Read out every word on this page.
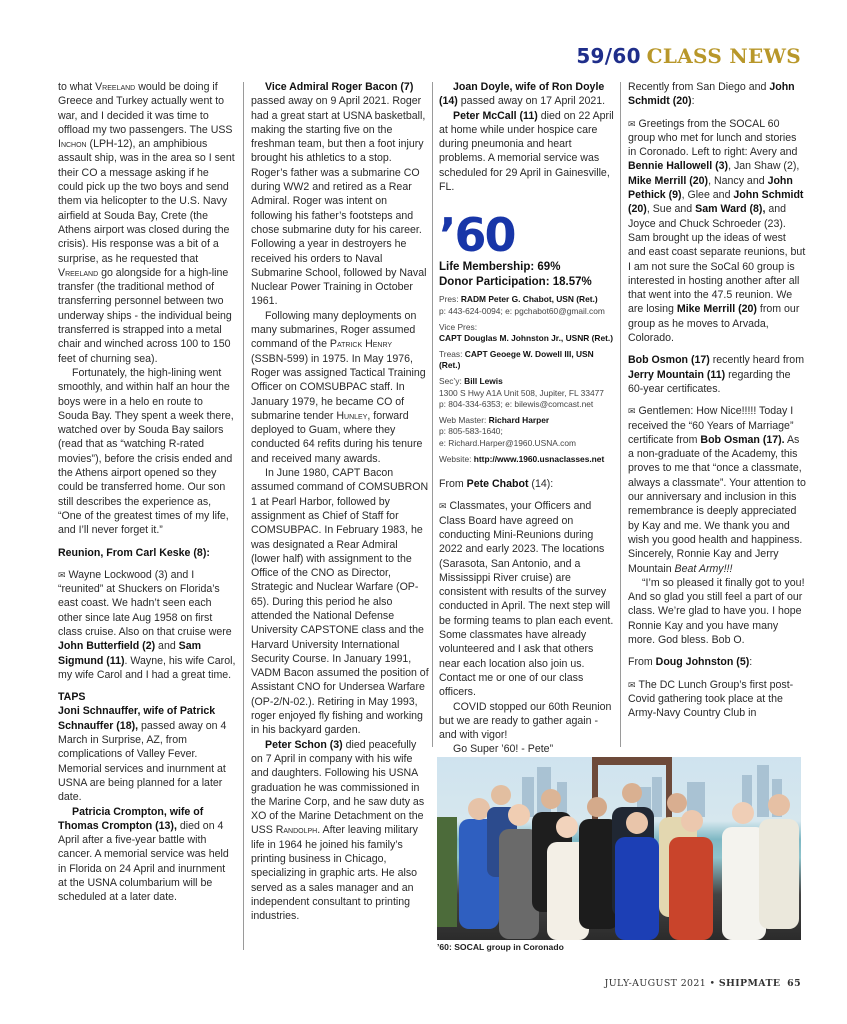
59/60 CLASS NEWS

to what Vreeland would be doing if Greece and Turkey actually went to war, and I decided it was time to offload my two passengers. The USS Inchon (LPH-12), an amphibious assault ship, was in the area so I sent their CO a message asking if he could pick up the two boys and send them via helicopter to the U.S. Navy airfield at Souda Bay, Crete (the Athens airport was closed during the crisis). His response was a bit of a surprise, as he requested that Vreeland go alongside for a high-line transfer (the traditional method of transferring personnel between two underway ships - the individual being transferred is strapped into a metal chair and winched across 100 to 150 feet of churning sea).

Fortunately, the high-lining went smoothly, and within half an hour the boys were in a helo en route to Souda Bay. They spent a week there, watched over by Souda Bay sailors (read that as “watching R-rated movies”), before the crisis ended and the Athens airport opened so they could be transferred home. Our son still describes the experience as, “One of the greatest times of my life, and I’ll never forget it.”

Reunion, From Carl Keske (8):

✉ Wayne Lockwood (3) and I “reunited” at Shuckers on Florida’s east coast. We hadn’t seen each other since late Aug 1958 on first class cruise. Also on that cruise were John Butterfield (2) and Sam Sigmund (11). Wayne, his wife Carol, my wife Carol and I had a great time.

TAPS

Joni Schnauffer, wife of Patrick Schnauffer (18), passed away on 4 March in Surprise, AZ, from complications of Valley Fever. Memorial services and inurnment at USNA are being planned for a later date.

Patricia Crompton, wife of Thomas Crompton (13), died on 4 April after a five-year battle with cancer. A memorial service was held in Florida on 24 April and inurnment at the USNA columbarium will be scheduled at a later date.

Vice Admiral Roger Bacon (7) passed away on 9 April 2021. Roger had a great start at USNA basketball, making the starting five on the freshman team, but then a foot injury brought his athletics to a stop. Roger’s father was a submarine CO during WW2 and retired as a Rear Admiral. Roger was intent on following his father’s footsteps and chose submarine duty for his career. Following a year in destroyers he received his orders to Naval Submarine School, followed by Naval Nuclear Power Training in October 1961.

Following many deployments on many submarines, Roger assumed command of the Patrick Henry (SSBN-599) in 1975. In May 1976, Roger was assigned Tactical Training Officer on COMSUBPAC staff. In January 1979, he became CO of submarine tender Hunley, forward deployed to Guam, where they conducted 64 refits during his tenure and received many awards.

In June 1980, CAPT Bacon assumed command of COMSUBRON 1 at Pearl Harbor, followed by assignment as Chief of Staff for COMSUBPAC. In February 1983, he was designated a Rear Admiral (lower half) with assignment to the Office of the CNO as Director, Strategic and Nuclear Warfare (OP-65). During this period he also attended the National Defense University CAPSTONE class and the Harvard University International Security Course. In January 1991, VADM Bacon assumed the position of Assistant CNO for Undersea Warfare (OP-2/N-02.). Retiring in May 1993, roger enjoyed fly fishing and working in his backyard garden.

Peter Schon (3) died peacefully on 7 April in company with his wife and daughters. Following his USNA graduation he was commissioned in the Marine Corp, and he saw duty as XO of the Marine Detachment on the USS Randolph. After leaving military life in 1964 he joined his family’s printing business in Chicago, specializing in graphic arts. He also served as a sales manager and an independent consultant to printing industries.

Joan Doyle, wife of Ron Doyle (14) passed away on 17 April 2021.

Peter McCall (11) died on 22 April at home while under hospice care during pneumonia and heart problems. A memorial service was scheduled for 29 April in Gainesville, FL.

’60
Life Membership: 69%
Donor Participation: 18.57%
Pres: RADM Peter G. Chabot, USN (Ret.)
p: 443-624-0094; e: pgchabot60@gmail.com
Vice Pres:
CAPT Douglas M. Johnston Jr., USNR (Ret.)
Treas: CAPT Geoege W. Dowell III, USN (Ret.)
Sec’y: Bill Lewis
1300 S Hwy A1A Unit 508, Jupiter, FL 33477
p: 804-334-6353; e: bilewis@comcast.net
Web Master: Richard Harper
p: 805-583-1640;
e: Richard.Harper@1960.USNA.com
Website: http://www.1960.usnaclasses.net

From Pete Chabot (14):

✉ Classmates, your Officers and Class Board have agreed on conducting Mini-Reunions during 2022 and early 2023. The locations (Sarasota, San Antonio, and a Mississippi River cruise) are consistent with results of the survey conducted in April. The next step will be forming teams to plan each event. Some classmates have already volunteered and I ask that others near each location also join us. Contact me or one of our class officers.

COVID stopped our 60th Reunion but we are ready to gather again - and with vigor!

Go Super ’60! - Pete”

Recently from San Diego and John Schmidt (20):

✉ Greetings from the SOCAL 60 group who met for lunch and stories in Coronado. Left to right: Avery and Bennie Hallowell (3), Jan Shaw (2), Mike Merrill (20), Nancy and John Pethick (9), Glee and John Schmidt (20), Sue and Sam Ward (8), and Joyce and Chuck Schroeder (23). Sam brought up the ideas of west and east coast separate reunions, but I am not sure the SoCal 60 group is interested in hosting another after all that went into the 47.5 reunion. We are losing Mike Merrill (20) from our group as he moves to Arvada, Colorado.

Bob Osmon (17) recently heard from Jerry Mountain (11) regarding the 60-year certificates.

✉ Gentlemen: How Nice!!!!! Today I received the “60 Years of Marriage” certificate from Bob Osman (17). As a non-graduate of the Academy, this proves to me that “once a classmate, always a classmate”. Your attention to our anniversary and inclusion in this remembrance is deeply appreciated by Kay and me. We thank you and wish you good health and happiness. Sincerely, Ronnie Kay and Jerry Mountain Beat Army!!!

“I’m so pleased it finally got to you! And so glad you still feel a part of our class. We’re glad to have you. I hope Ronnie Kay and you have many more. God bless. Bob O.

From Doug Johnston (5):

✉ The DC Lunch Group’s first post-Covid gathering took place at the Army-Navy Country Club in

’60: SOCAL group in Coronado
JULY-AUGUST 2021 • SHIPMATE 65
